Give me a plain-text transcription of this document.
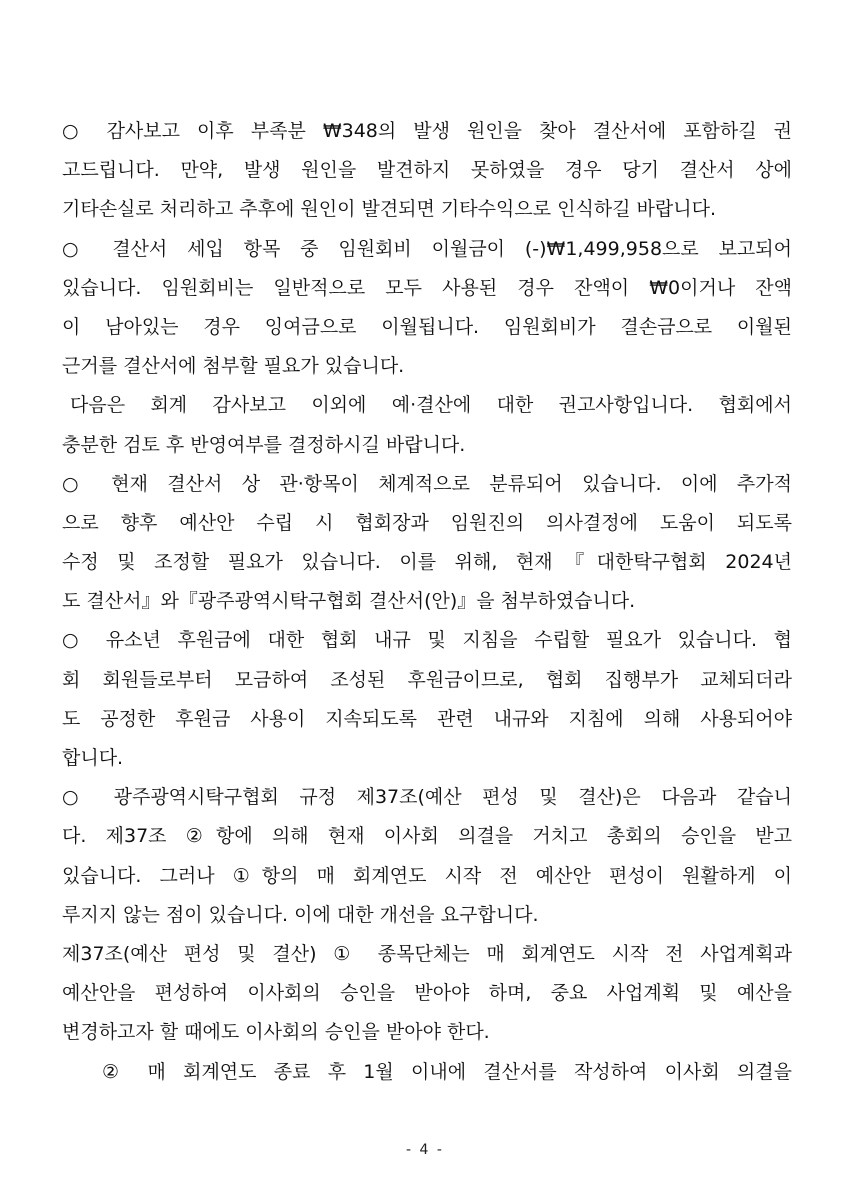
○ 감사보고 이후 부족분 ₩348의 발생 원인을 찾아 결산서에 포함하길 권
고드립니다. 만약, 발생 원인을 발견하지 못하였을 경우 당기 결산서 상에
기타손실로 처리하고 추후에 원인이 발견되면 기타수익으로 인식하길 바랍니다.
○ 결산서 세입 항목 중 임원회비 이월금이 (-)₩1,499,958으로 보고되어
있습니다. 임원회비는 일반적으로 모두 사용된 경우 잔액이 ₩0이거나 잔액
이 남아있는 경우 잉여금으로 이월됩니다. 임원회비가 결손금으로 이월된
근거를 결산서에 첨부할 필요가 있습니다.
다음은 회계 감사보고 이외에 예·결산에 대한 권고사항입니다. 협회에서
충분한 검토 후 반영여부를 결정하시길 바랍니다.
○ 현재 결산서 상 관·항목이 체계적으로 분류되어 있습니다. 이에 추가적
으로 향후 예산안 수립 시 협회장과 임원진의 의사결정에 도움이 되도록
수정 및 조정할 필요가 있습니다. 이를 위해, 현재『대한탁구협회 2024년
도 결산서』와『광주광역시탁구협회 결산서(안)』을 첨부하였습니다.
○ 유소년 후원금에 대한 협회 내규 및 지침을 수립할 필요가 있습니다. 협
회 회원들로부터 모금하여 조성된 후원금이므로, 협회 집행부가 교체되더라
도 공정한 후원금 사용이 지속되도록 관련 내규와 지침에 의해 사용되어야
합니다.
○ 광주광역시탁구협회 규정 제37조(예산 편성 및 결산)은 다음과 같습니
다. 제37조 ②항에 의해 현재 이사회 의결을 거치고 총회의 승인을 받고
있습니다. 그러나 ①항의 매 회계연도 시작 전 예산안 편성이 원활하게 이
루지지 않는 점이 있습니다. 이에 대한 개선을 요구합니다.
제37조(예산 편성 및 결산) ① 종목단체는 매 회계연도 시작 전 사업계획과
예산안을 편성하여 이사회의 승인을 받아야 하며, 중요 사업계획 및 예산을
변경하고자 할 때에도 이사회의 승인을 받아야 한다.
② 매 회계연도 종료 후 1월 이내에 결산서를 작성하여 이사회 의결을
- 4 -
